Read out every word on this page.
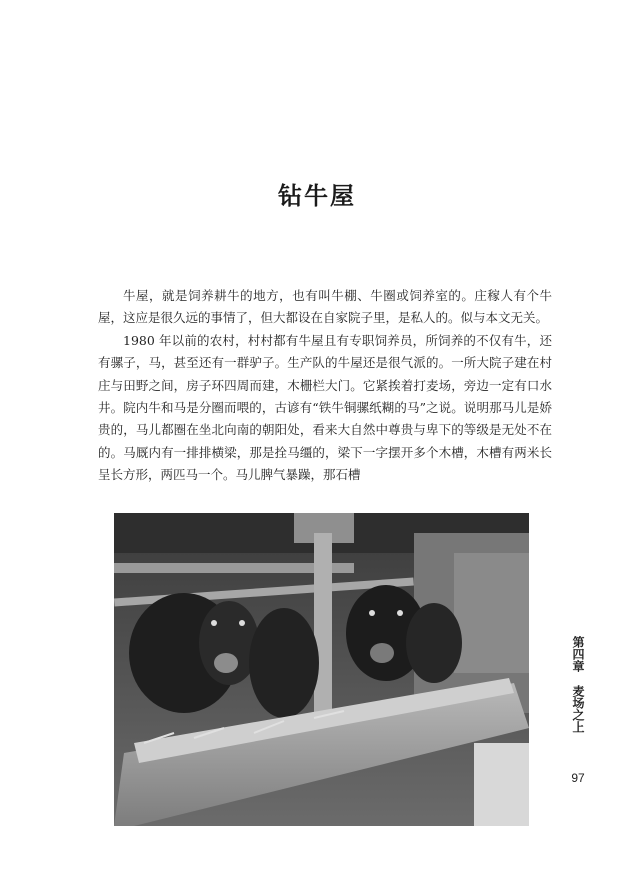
钻牛屋

牛屋，就是饲养耕牛的地方，也有叫牛棚、牛圈或饲养室的。庄稼人有个牛屋，这应是很久远的事情了，但大都设在自家院子里，是私人的。似与本文无关。

1980 年以前的农村，村村都有牛屋且有专职饲养员，所饲养的不仅有牛，还有骡子，马，甚至还有一群驴子。生产队的牛屋还是很气派的。一所大院子建在村庄与田野之间，房子环四周而建，木栅栏大门。它紧挨着打麦场，旁边一定有口水井。院内牛和马是分圈而喂的，古谚有“铁牛铜骡纸糊的马”之说。说明那马儿是娇贵的，马儿都圈在坐北向南的朝阳处，看来大自然中尊贵与卑下的等级是无处不在的。马厩内有一排排横梁，那是拴马缰的，梁下一字摆开多个木槽，木槽有两米长呈长方形，两匹马一个。马儿脾气暴躁，那石槽

第四章
麦场之上
97
